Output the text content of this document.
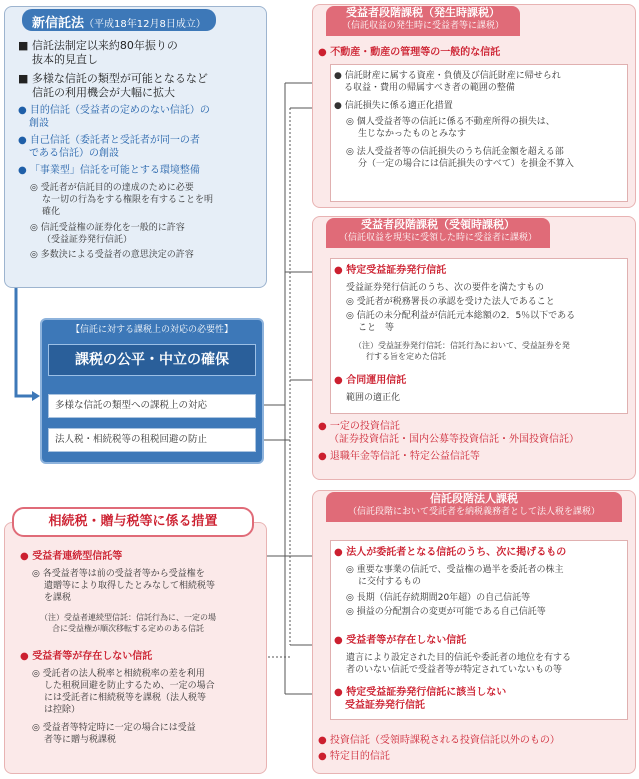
新信託法（平成18年12月8日成立）
■ 信託法制定以来約80年振りの
抜本的見直し
■ 多様な信託の類型が可能となるなど
信託の利用機会が大幅に拡大
● 目的信託（受益者の定めのない信託）の
創設
● 自己信託（委託者と受託者が同一の者
である信託）の創設
● 「事業型」信託を可能とする環境整備
◎ 受託者が信託目的の達成のために必要
な一切の行為をする権限を有することを明
確化
◎ 信託受益権の証券化を一般的に許容
（受益証券発行信託）
◎ 多数決による受益者の意思決定の許容
【信託に対する課税上の対応の必要性】
課税の公平・中立の確保
多様な信託の類型への課税上の対応
法人税・相続税等の租税回避の防止
相続税・贈与税等に係る措置
● 受益者連続型信託等
◎ 各受益者等は前の受益者等から受益権を
遺贈等により取得したとみなして相続税等
を課税
（注）受益者連続型信託：信託行為に、一定の場
合に受益権が順次移転する定めのある信託
● 受益者等が存在しない信託
◎ 受託者の法人税率と相続税率の差を利用
した租税回避を防止するため、一定の場合
には受託者に相続税等を課税（法人税等
は控除）
◎ 受益者等特定時に一定の場合には受益
者等に贈与税課税
受益者段階課税（発生時課税）
（信託収益の発生時に受益者等に課税）
● 不動産・動産の管理等の一般的な信託
● 信託財産に属する資産・負債及び信託財産に帰せられ
る収益・費用の帰属すべき者の範囲の整備
● 信託損失に係る適正化措置
◎ 個人受益者等の信託に係る不動産所得の損失は、
生じなかったものとみなす
◎ 法人受益者等の信託損失のうち信託金額を超える部
分（一定の場合には信託損失のすべて）を損金不算入
受益者段階課税（受領時課税）
（信託収益を現実に受領した時に受益者に課税）
● 特定受益証券発行信託
受益証券発行信託のうち、次の要件を満たすもの
◎ 受託者が税務署長の承認を受けた法人であること
◎ 信託の未分配利益が信託元本総額の2．5％以下である
こと　等
（注）受益証券発行信託：信託行為において、受益証券を発
行する旨を定めた信託
● 合同運用信託
範囲の適正化
● 一定の投資信託
（証券投資信託・国内公募等投資信託・外国投資信託）
● 退職年金等信託・特定公益信託等
信託段階法人課税
（信託段階において受託者を納税義務者として法人税を課税）
● 法人が委託者となる信託のうち、次に掲げるもの
◎ 重要な事業の信託で、受益権の過半を委託者の株主
に交付するもの
◎ 長期（信託存続期間20年超）の自己信託等
◎ 損益の分配割合の変更が可能である自己信託等
● 受益者等が存在しない信託
遺言により設定された目的信託や委託者の地位を有する
者のいない信託で受益者等が特定されていないもの等
● 特定受益証券発行信託に該当しない
受益証券発行信託
● 投資信託（受領時課税される投資信託以外のもの）
● 特定目的信託
